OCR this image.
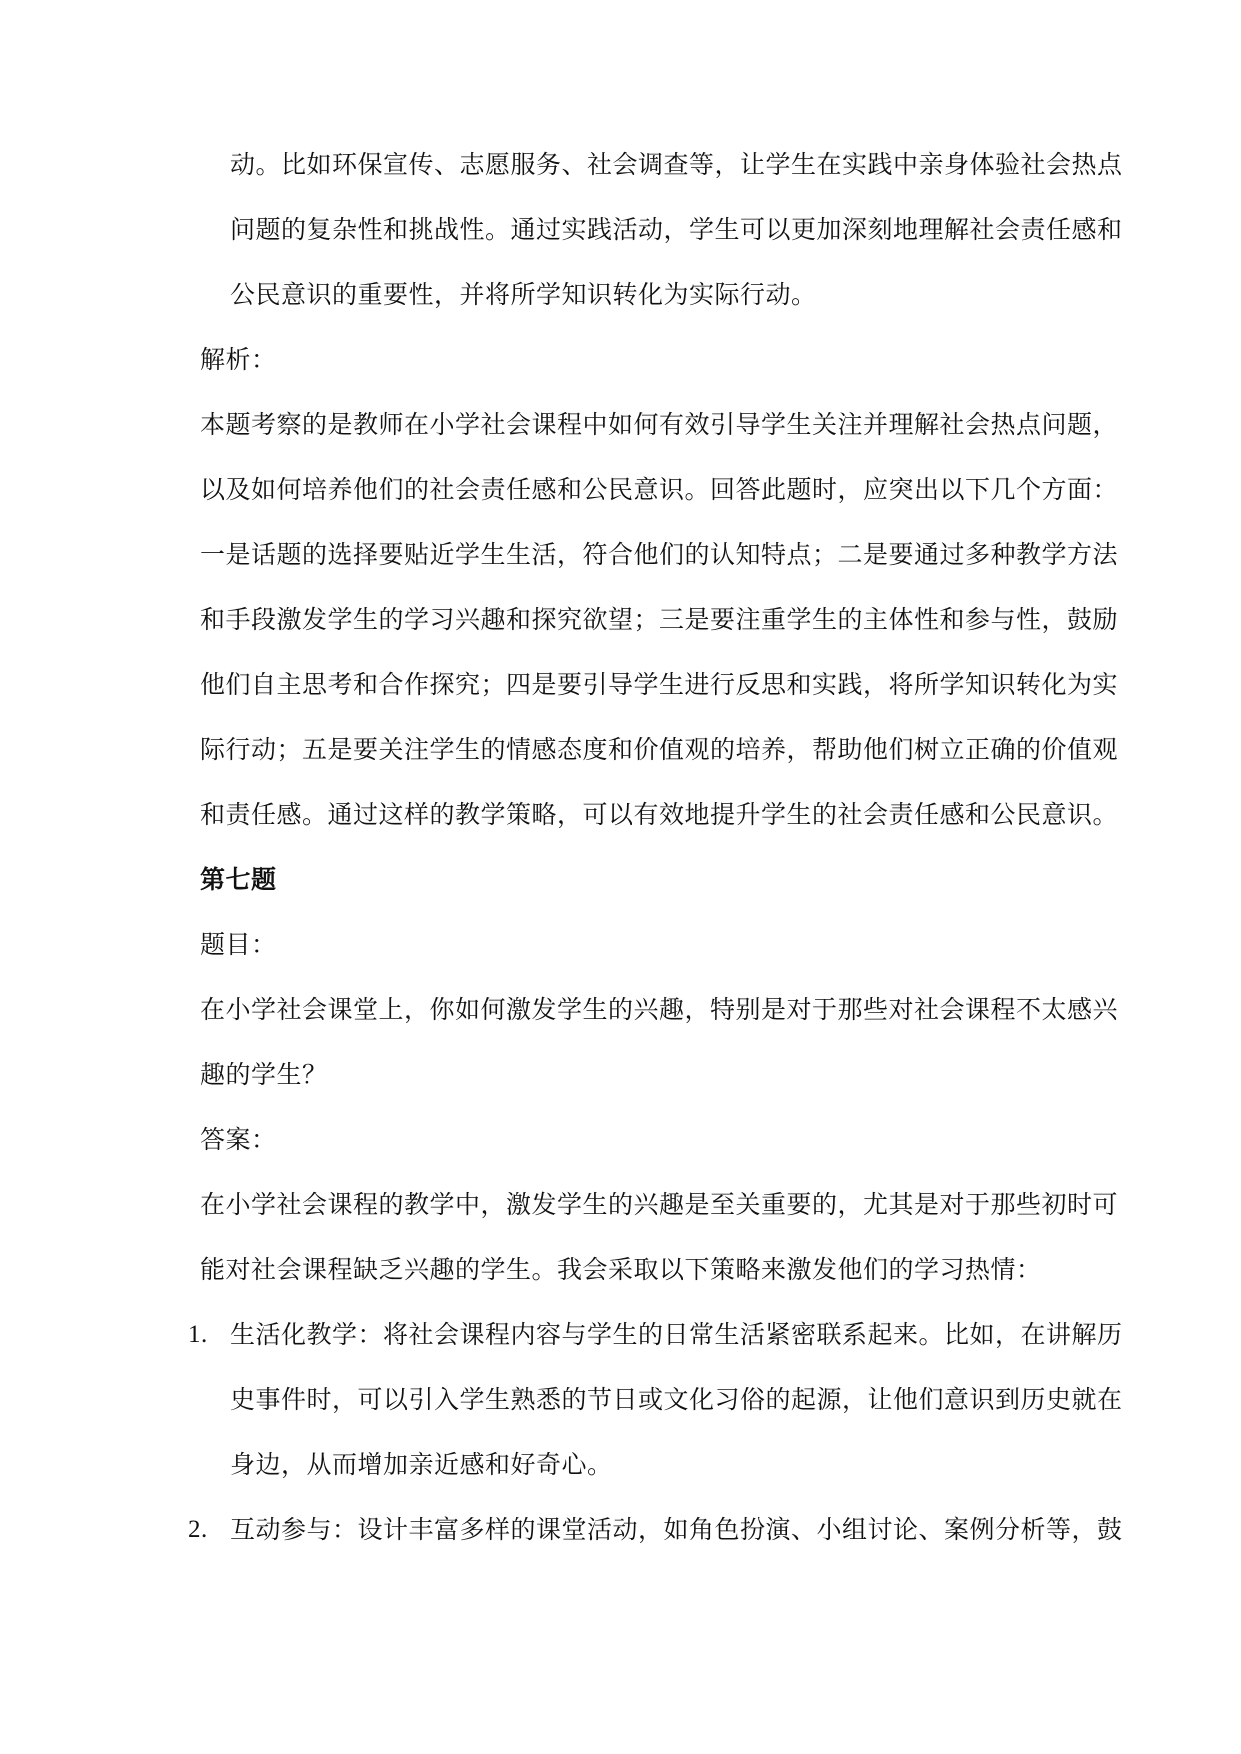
动。比如环保宣传、志愿服务、社会调查等，让学生在实践中亲身体验社会热点
问题的复杂性和挑战性。通过实践活动，学生可以更加深刻地理解社会责任感和
公民意识的重要性，并将所学知识转化为实际行动。
解析：
本题考察的是教师在小学社会课程中如何有效引导学生关注并理解社会热点问题，
以及如何培养他们的社会责任感和公民意识。回答此题时，应突出以下几个方面：
一是话题的选择要贴近学生生活，符合他们的认知特点；二是要通过多种教学方法
和手段激发学生的学习兴趣和探究欲望；三是要注重学生的主体性和参与性，鼓励
他们自主思考和合作探究；四是要引导学生进行反思和实践，将所学知识转化为实
际行动；五是要关注学生的情感态度和价值观的培养，帮助他们树立正确的价值观
和责任感。通过这样的教学策略，可以有效地提升学生的社会责任感和公民意识。
第七题
题目：
在小学社会课堂上，你如何激发学生的兴趣，特别是对于那些对社会课程不太感兴
趣的学生？
答案：
在小学社会课程的教学中，激发学生的兴趣是至关重要的，尤其是对于那些初时可
能对社会课程缺乏兴趣的学生。我会采取以下策略来激发他们的学习热情：
1. 生活化教学：将社会课程内容与学生的日常生活紧密联系起来。比如，在讲解历
史事件时，可以引入学生熟悉的节日或文化习俗的起源，让他们意识到历史就在
身边，从而增加亲近感和好奇心。
2. 互动参与：设计丰富多样的课堂活动，如角色扮演、小组讨论、案例分析等，鼓
